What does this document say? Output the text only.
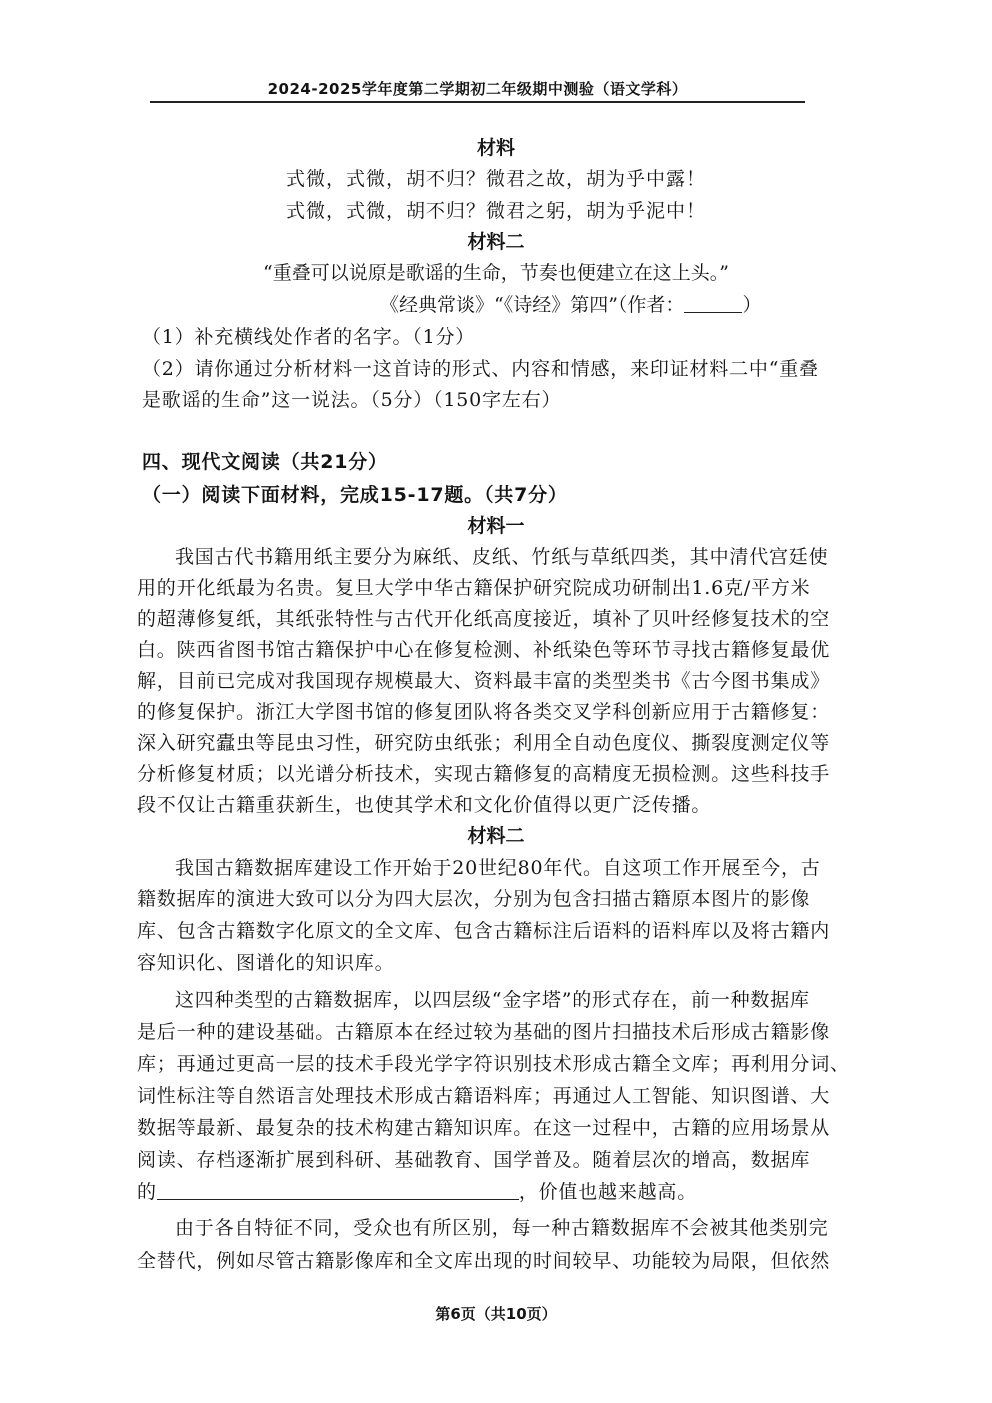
2024-2025学年度第二学期初二年级期中测验（语文学科）
材料
式微，式微，胡不归？微君之故，胡为乎中露！
式微，式微，胡不归？微君之躬，胡为乎泥中！
材料二
“重叠可以说原是歌谣的生命，节奏也便建立在这上头。”
《经典常谈》“《诗经》第四”（作者：	）
（1）补充横线处作者的名字。（1分）
（2）请你通过分析材料一这首诗的形式、内容和情感，来印证材料二中“重叠
是歌谣的生命”这一说法。（5分）（150字左右）
四、现代文阅读（共21分）
（一）阅读下面材料，完成15-17题。（共7分）
材料一
我国古代书籍用纸主要分为麻纸、皮纸、竹纸与草纸四类，其中清代宫廷使
用的开化纸最为名贵。复旦大学中华古籍保护研究院成功研制出1.6克/平方米
的超薄修复纸，其纸张特性与古代开化纸高度接近，填补了贝叶经修复技术的空
白。陕西省图书馆古籍保护中心在修复检测、补纸染色等环节寻找古籍修复最优
解，目前已完成对我国现存规模最大、资料最丰富的类型类书《古今图书集成》
的修复保护。浙江大学图书馆的修复团队将各类交叉学科创新应用于古籍修复：
深入研究蠹虫等昆虫习性，研究防虫纸张；利用全自动色度仪、撕裂度测定仪等
分析修复材质；以光谱分析技术，实现古籍修复的高精度无损检测。这些科技手
段不仅让古籍重获新生，也使其学术和文化价值得以更广泛传播。
材料二
我国古籍数据库建设工作开始于20世纪80年代。自这项工作开展至今，古
籍数据库的演进大致可以分为四大层次，分别为包含扫描古籍原本图片的影像
库、包含古籍数字化原文的全文库、包含古籍标注后语料的语料库以及将古籍内
容知识化、图谱化的知识库。
这四种类型的古籍数据库，以四层级“金字塔”的形式存在，前一种数据库
是后一种的建设基础。古籍原本在经过较为基础的图片扫描技术后形成古籍影像
库；再通过更高一层的技术手段光学字符识别技术形成古籍全文库；再利用分词、
词性标注等自然语言处理技术形成古籍语料库；再通过人工智能、知识图谱、大
数据等最新、最复杂的技术构建古籍知识库。在这一过程中，古籍的应用场景从
阅读、存档逐渐扩展到科研、基础教育、国学普及。随着层次的增高，数据库
的	，价值也越来越高。
由于各自特征不同，受众也有所区别，每一种古籍数据库不会被其他类别完
全替代，例如尽管古籍影像库和全文库出现的时间较早、功能较为局限，但依然
第6页（共10页）
